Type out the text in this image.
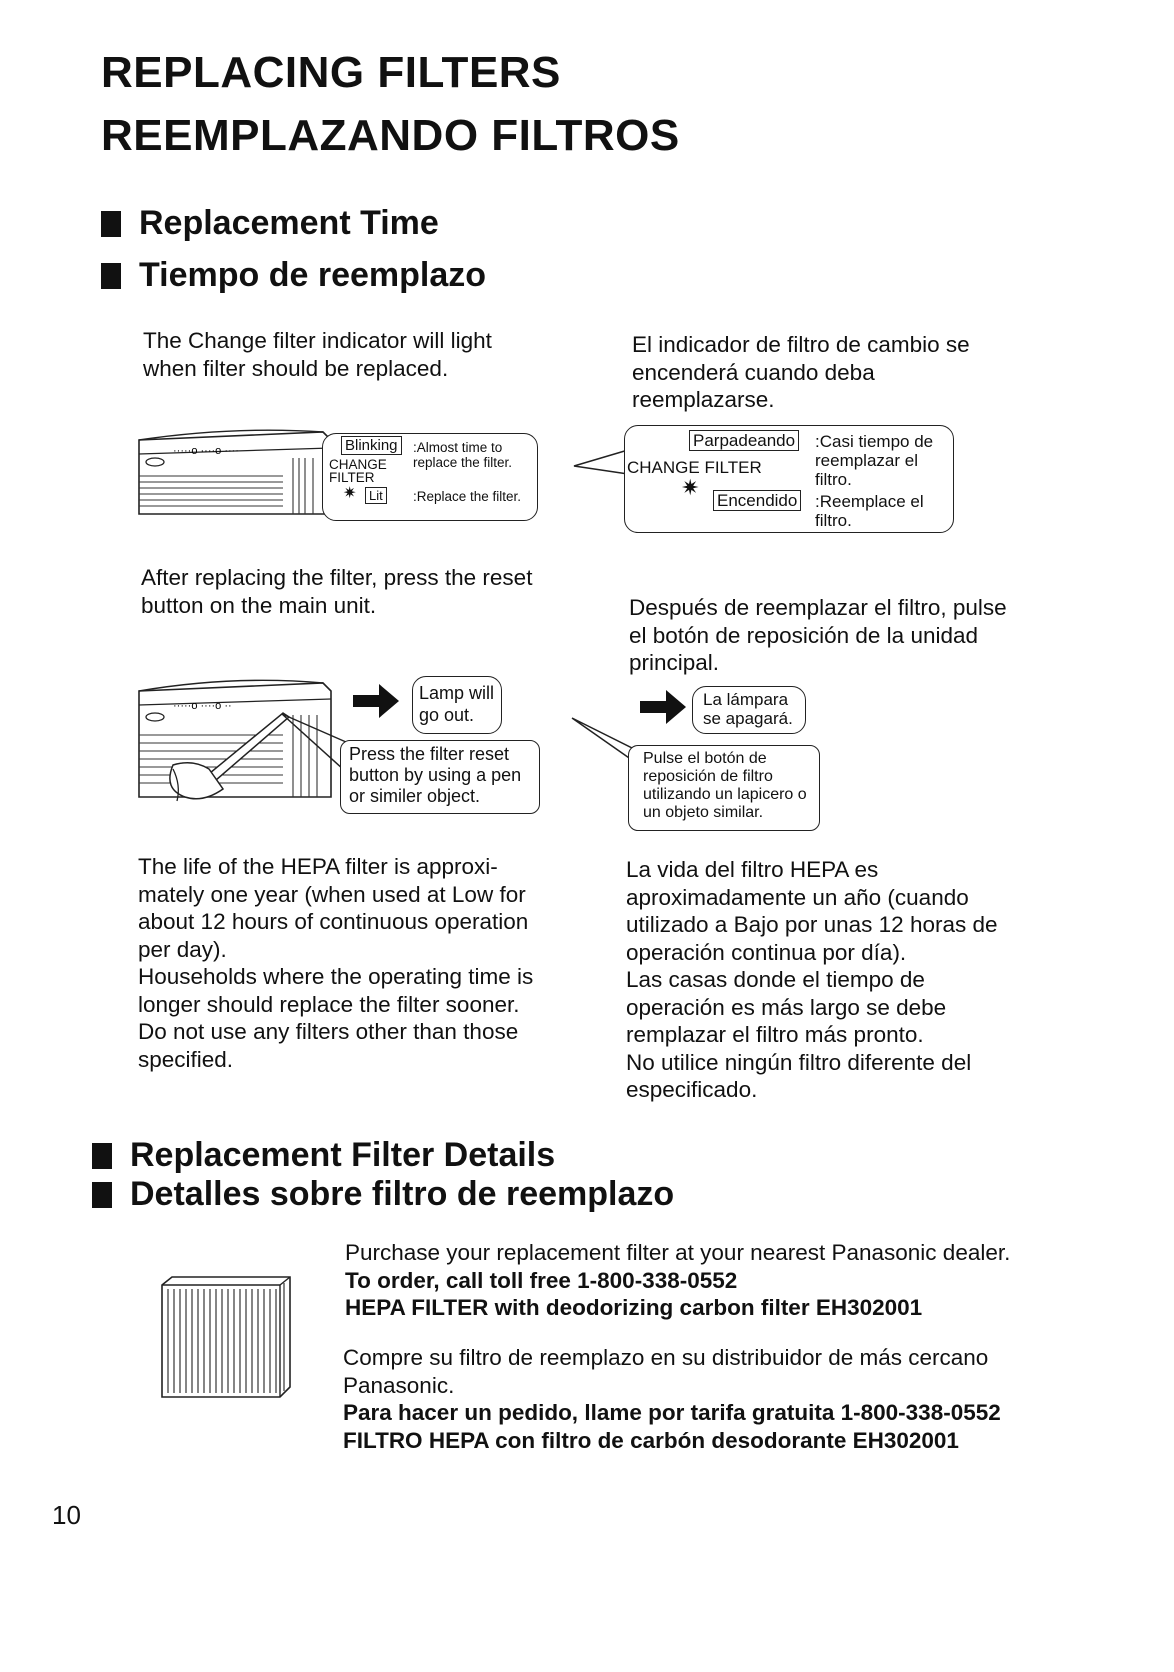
REPLACING FILTERS
REEMPLAZANDO FILTROS
Replacement Time
Tiempo de reemplazo
The Change filter indicator will light when filter should be replaced.
El indicador de filtro de cambio se encenderá cuando deba reemplazarse.
·····o ····o ····	Blinking :Almost time to replace the filter.
CHANGE FILTER
✷ Lit :Replace the filter.
Parpadeando :Casi tiempo de reemplazar el filtro.
CHANGE FILTER
✷
Encendido :Reemplace el filtro.
After replacing the filter, press the reset button on the main unit.	Después de reemplazar el filtro, pulse el botón de reposición de la unidad principal.
·····o ····o ··
Lamp will go out.
Press the filter reset button by using a pen or similer object.
La lámpara se apagará.
Pulse el botón de reposición de filtro utilizando un lapicero o un objeto similar.
The life of the HEPA filter is approxi-mately one year (when used at Low for about 12 hours of continuous operation per day).
Households where the operating time is longer should replace the filter sooner.
Do not use any filters other than those specified.
La vida del filtro HEPA es aproximadamente un año (cuando utilizado a Bajo por unas 12 horas de operación continua por día).
Las casas donde el tiempo de operación es más largo se debe remplazar el filtro más pronto.
No utilice ningún filtro diferente del especificado.
Replacement Filter Details
Detalles sobre filtro de reemplazo
Purchase your replacement filter at your nearest Panasonic dealer.
To order, call toll free 1-800-338-0552
HEPA FILTER with deodorizing carbon filter EH302001
Compre su filtro de reemplazo en su distribuidor de más cercano Panasonic.
Para hacer un pedido, llame por tarifa gratuita 1-800-338-0552
FILTRO HEPA con filtro de carbón desodorante EH302001
10
